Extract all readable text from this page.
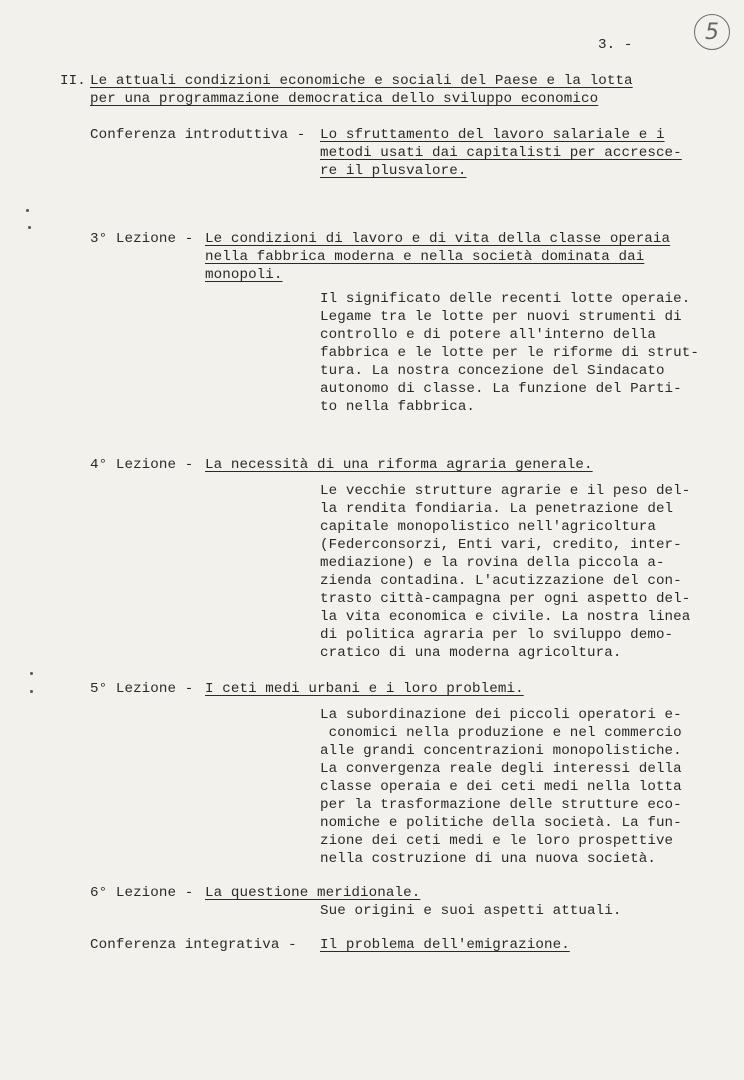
3. -
5
II. Le attuali condizioni economiche e sociali del Paese e la lotta
per una programmazione democratica dello sviluppo economico
Conferenza introduttiva - Lo sfruttamento del lavoro salariale e i
metodi usati dai capitalisti per accresce-
re il plusvalore.
3° Lezione - Le condizioni di lavoro e di vita della classe operaia
nella fabbrica moderna e nella società dominata dai
monopoli.
Il significato delle recenti lotte operaie.
Legame tra le lotte per nuovi strumenti di
controllo e di potere all'interno della
fabbrica e le lotte per le riforme di strut-
tura. La nostra concezione del Sindacato
autonomo di classe. La funzione del Parti-
to nella fabbrica.
4° Lezione - La necessità di una riforma agraria generale.
Le vecchie strutture agrarie e il peso del-
la rendita fondiaria. La penetrazione del
capitale monopolistico nell'agricoltura
(Federconsorzi, Enti vari, credito, inter-
mediazione) e la rovina della piccola a-
zienda contadina. L'acutizzazione del con-
trasto città-campagna per ogni aspetto del-
la vita economica e civile. La nostra linea
di politica agraria per lo sviluppo demo-
cratico di una moderna agricoltura.
5° Lezione - I ceti medi urbani e i loro problemi.
La subordinazione dei piccoli operatori e-
conomici nella produzione e nel commercio
alle grandi concentrazioni monopolistiche.
La convergenza reale degli interessi della
classe operaia e dei ceti medi nella lotta
per la trasformazione delle strutture eco-
nomiche e politiche della società. La fun-
zione dei ceti medi e le loro prospettive
nella costruzione di una nuova società.
6° Lezione - La questione meridionale.
Sue origini e suoi aspetti attuali.
Conferenza integrativa - Il problema dell'emigrazione.
